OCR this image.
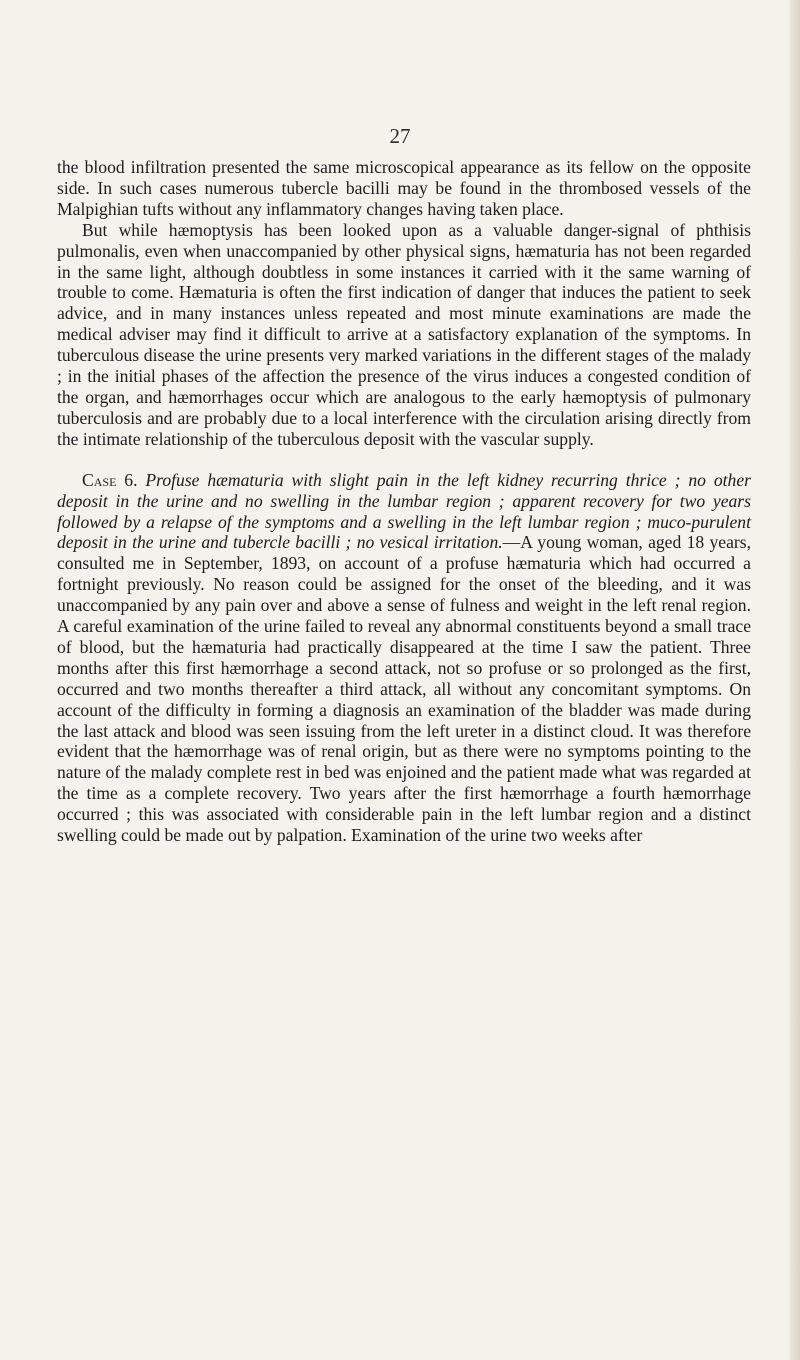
27

the blood infiltration presented the same microscopical appearance as its fellow on the opposite side. In such cases numerous tubercle bacilli may be found in the thrombosed vessels of the Malpighian tufts without any inflammatory changes having taken place.

But while hæmoptysis has been looked upon as a valuable danger-signal of phthisis pulmonalis, even when unaccompanied by other physical signs, hæmaturia has not been regarded in the same light, although doubtless in some instances it carried with it the same warning of trouble to come. Hæmaturia is often the first indication of danger that induces the patient to seek advice, and in many instances unless repeated and most minute examinations are made the medical adviser may find it difficult to arrive at a satisfactory explanation of the symptoms. In tuberculous disease the urine presents very marked variations in the different stages of the malady ; in the initial phases of the affection the presence of the virus induces a congested condition of the organ, and hæmorrhages occur which are analogous to the early hæmoptysis of pulmonary tuberculosis and are probably due to a local interference with the circulation arising directly from the intimate relationship of the tuberculous deposit with the vascular supply.

Case 6. Profuse hæmaturia with slight pain in the left kidney recurring thrice ; no other deposit in the urine and no swelling in the lumbar region ; apparent recovery for two years followed by a relapse of the symptoms and a swelling in the left lumbar region ; muco-purulent deposit in the urine and tubercle bacilli ; no vesical irritation.—A young woman, aged 18 years, consulted me in September, 1893, on account of a profuse hæmaturia which had occurred a fortnight previously. No reason could be assigned for the onset of the bleeding, and it was unaccompanied by any pain over and above a sense of fulness and weight in the left renal region. A careful examination of the urine failed to reveal any abnormal constituents beyond a small trace of blood, but the hæmaturia had practically disappeared at the time I saw the patient. Three months after this first hæmorrhage a second attack, not so profuse or so prolonged as the first, occurred and two months thereafter a third attack, all without any concomitant symptoms. On account of the difficulty in forming a diagnosis an examination of the bladder was made during the last attack and blood was seen issuing from the left ureter in a distinct cloud. It was therefore evident that the hæmorrhage was of renal origin, but as there were no symptoms pointing to the nature of the malady complete rest in bed was enjoined and the patient made what was regarded at the time as a complete recovery. Two years after the first hæmorrhage a fourth hæmorrhage occurred ; this was associated with considerable pain in the left lumbar region and a distinct swelling could be made out by palpation. Examination of the urine two weeks after
